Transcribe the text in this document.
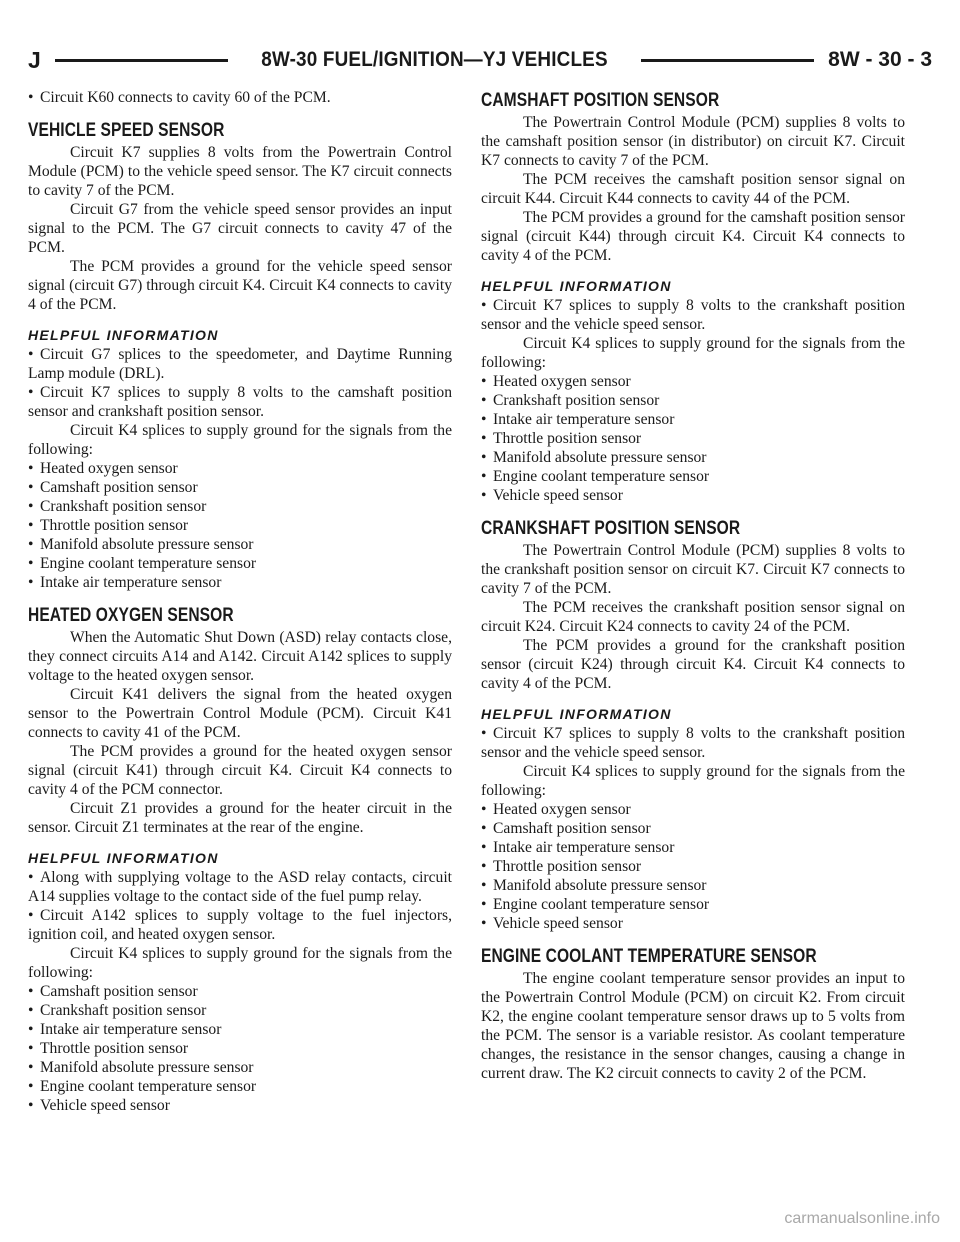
J	8W-30 FUEL/IGNITION—YJ VEHICLES	8W - 30 - 3
• Circuit K60 connects to cavity 60 of the PCM.
VEHICLE SPEED SENSOR

Circuit K7 supplies 8 volts from the Powertrain Control Module (PCM) to the vehicle speed sensor. The K7 circuit connects to cavity 7 of the PCM.

Circuit G7 from the vehicle speed sensor provides an input signal to the PCM. The G7 circuit connects to cavity 47 of the PCM.

The PCM provides a ground for the vehicle speed sensor signal (circuit G7) through circuit K4. Circuit K4 connects to cavity 4 of the PCM.

HELPFUL INFORMATION
• Circuit G7 splices to the speedometer, and Daytime Running Lamp module (DRL).
• Circuit K7 splices to supply 8 volts to the camshaft position sensor and crankshaft position sensor.

Circuit K4 splices to supply ground for the signals from the following:

• Heated oxygen sensor
• Camshaft position sensor
• Crankshaft position sensor
• Throttle position sensor
• Manifold absolute pressure sensor
• Engine coolant temperature sensor
• Intake air temperature sensor
HEATED OXYGEN SENSOR

When the Automatic Shut Down (ASD) relay contacts close, they connect circuits A14 and A142. Circuit A142 splices to supply voltage to the heated oxygen sensor.

Circuit K41 delivers the signal from the heated oxygen sensor to the Powertrain Control Module (PCM). Circuit K41 connects to cavity 41 of the PCM.

The PCM provides a ground for the heated oxygen sensor signal (circuit K41) through circuit K4. Circuit K4 connects to cavity 4 of the PCM connector.

Circuit Z1 provides a ground for the heater circuit in the sensor. Circuit Z1 terminates at the rear of the engine.

HELPFUL INFORMATION
• Along with supplying voltage to the ASD relay contacts, circuit A14 supplies voltage to the contact side of the fuel pump relay.
• Circuit A142 splices to supply voltage to the fuel injectors, ignition coil, and heated oxygen sensor.

Circuit K4 splices to supply ground for the signals from the following:

• Camshaft position sensor
• Crankshaft position sensor
• Intake air temperature sensor
• Throttle position sensor
• Manifold absolute pressure sensor
• Engine coolant temperature sensor
• Vehicle speed sensor
CAMSHAFT POSITION SENSOR

The Powertrain Control Module (PCM) supplies 8 volts to the camshaft position sensor (in distributor) on circuit K7. Circuit K7 connects to cavity 7 of the PCM.

The PCM receives the camshaft position sensor signal on circuit K44. Circuit K44 connects to cavity 44 of the PCM.

The PCM provides a ground for the camshaft position sensor signal (circuit K44) through circuit K4. Circuit K4 connects to cavity 4 of the PCM.

HELPFUL INFORMATION
• Circuit K7 splices to supply 8 volts to the crankshaft position sensor and the vehicle speed sensor.

Circuit K4 splices to supply ground for the signals from the following:

• Heated oxygen sensor
• Crankshaft position sensor
• Intake air temperature sensor
• Throttle position sensor
• Manifold absolute pressure sensor
• Engine coolant temperature sensor
• Vehicle speed sensor
CRANKSHAFT POSITION SENSOR

The Powertrain Control Module (PCM) supplies 8 volts to the crankshaft position sensor on circuit K7. Circuit K7 connects to cavity 7 of the PCM.

The PCM receives the crankshaft position sensor signal on circuit K24. Circuit K24 connects to cavity 24 of the PCM.

The PCM provides a ground for the crankshaft position sensor (circuit K24) through circuit K4. Circuit K4 connects to cavity 4 of the PCM.

HELPFUL INFORMATION
• Circuit K7 splices to supply 8 volts to the crankshaft position sensor and the vehicle speed sensor.

Circuit K4 splices to supply ground for the signals from the following:

• Heated oxygen sensor
• Camshaft position sensor
• Intake air temperature sensor
• Throttle position sensor
• Manifold absolute pressure sensor
• Engine coolant temperature sensor
• Vehicle speed sensor
ENGINE COOLANT TEMPERATURE SENSOR

The engine coolant temperature sensor provides an input to the Powertrain Control Module (PCM) on circuit K2. From circuit K2, the engine coolant temperature sensor draws up to 5 volts from the PCM. The sensor is a variable resistor. As coolant temperature changes, the resistance in the sensor changes, causing a change in current draw. The K2 circuit connects to cavity 2 of the PCM.

carmanualsonline.info
